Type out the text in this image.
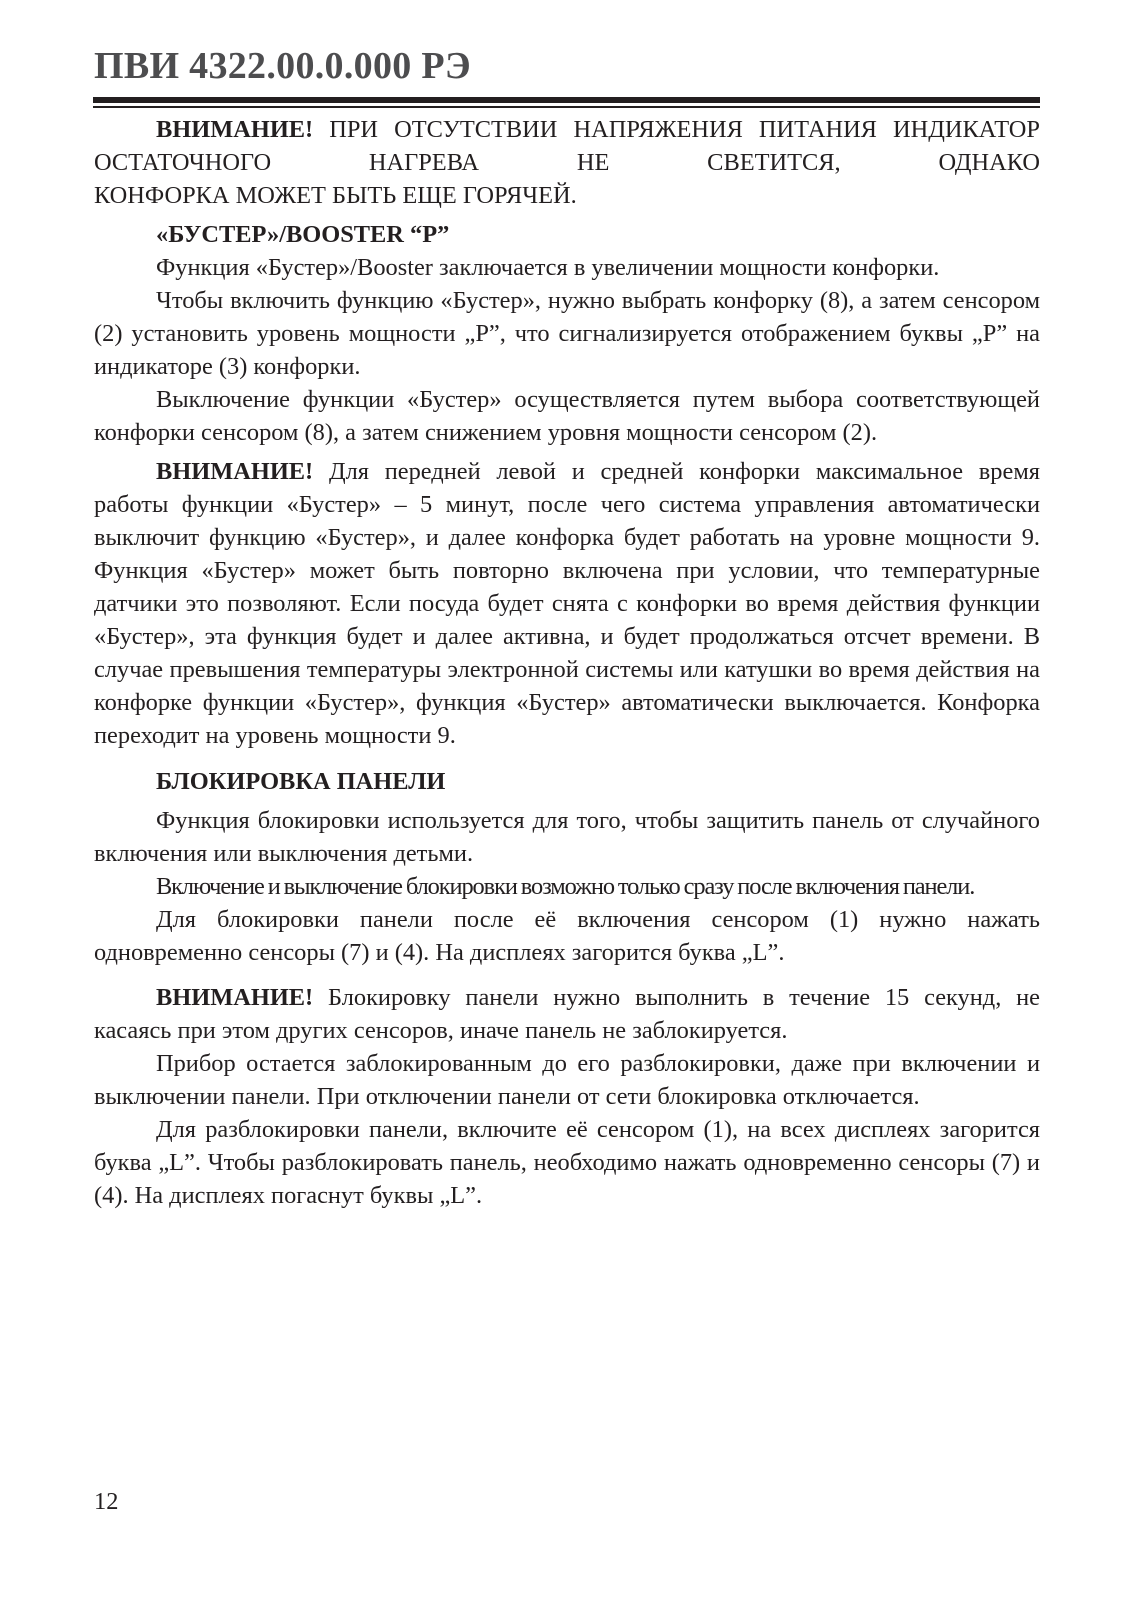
ПВИ 4322.00.0.000 РЭ

ВНИМАНИЕ! ПРИ ОТСУТСТВИИ НАПРЯЖЕНИЯ ПИТАНИЯ ИНДИКАТОР ОСТАТОЧНОГО НАГРЕВА НЕ СВЕТИТСЯ, ОДНАКО

КОНФОРКА МОЖЕТ БЫТЬ ЕЩЕ ГОРЯЧЕЙ.

«БУСТЕР»/BOOSTER “P”

Функция «Бустер»/Booster заключается в увеличении мощности конфорки.

Чтобы включить функцию «Бустер», нужно выбрать конфорку (8), а затем сенсором (2) установить уровень мощности „P”, что сигнализируется отображением буквы „P” на индикаторе (3) конфорки.

Выключение функции «Бустер» осуществляется путем выбора соответствующей конфорки сенсором (8), а затем снижением уровня мощности сенсором (2).

ВНИМАНИЕ! Для передней левой и средней конфорки максимальное время работы функции «Бустер» – 5 минут, после чего система управления автоматически выключит функцию «Бустер», и далее конфорка будет работать на уровне мощности 9. Функция «Бустер» может быть повторно включена при условии, что температурные датчики это позволяют. Если посуда будет снята с конфорки во время действия функции «Бустер», эта функция будет и далее активна, и будет продолжаться отсчет времени. В случае превышения температуры электронной системы или катушки во время действия на конфорке функции «Бустер», функция «Бустер» автоматически выключается. Конфорка переходит на уровень мощности 9.

БЛОКИРОВКА ПАНЕЛИ

Функция блокировки используется для того, чтобы защитить панель от случайного включения или выключения детьми.

Включение и выключение блокировки возможно только сразу после включения панели.

Для блокировки панели после её включения сенсором (1) нужно нажать одновременно сенсоры (7) и (4). На дисплеях загорится буква „L”.

ВНИМАНИЕ! Блокировку панели нужно выполнить в течение 15 секунд, не касаясь при этом других сенсоров, иначе панель не заблокируется.

Прибор остается заблокированным до его разблокировки, даже при включении и выключении панели. При отключении панели от сети блокировка отключается.

Для разблокировки панели, включите её сенсором (1), на всех дисплеях загорится буква „L”. Чтобы разблокировать панель, необходимо нажать одновременно сенсоры (7) и (4). На дисплеях погаснут буквы „L”.

12
